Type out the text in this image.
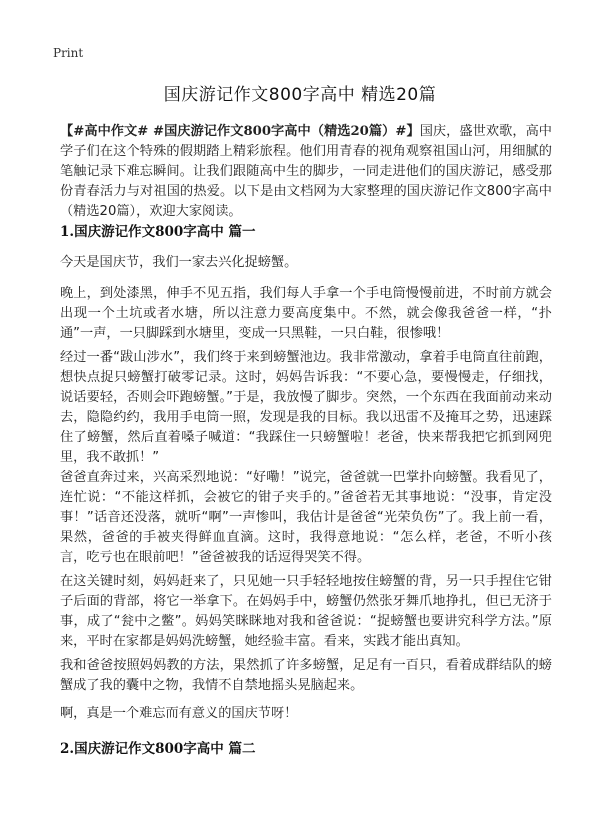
Print
国庆游记作文800字高中 精选20篇

【#高中作文# #国庆游记作文800字高中（精选20篇）#】国庆，盛世欢歌，高中学子们在这个特殊的假期踏上精彩旅程。他们用青春的视角观察祖国山河，用细腻的笔触记录下难忘瞬间。让我们跟随高中生的脚步，一同走进他们的国庆游记，感受那份青春活力与对祖国的热爱。以下是由文档网为大家整理的国庆游记作文800字高中（精选20篇），欢迎大家阅读。

1.国庆游记作文800字高中 篇一

今天是国庆节，我们一家去兴化捉螃蟹。

晚上，到处漆黑，伸手不见五指，我们每人手拿一个手电筒慢慢前进，不时前方就会出现一个土坑或者水塘，所以注意力要高度集中。不然，就会像我爸爸一样，“扑通”一声，一只脚踩到水塘里，变成一只黑鞋，一只白鞋，很惨哦！

经过一番“跋山涉水”，我们终于来到螃蟹池边。我非常激动，拿着手电筒直往前跑，想快点捉只螃蟹打破零记录。这时，妈妈告诉我：“不要心急，要慢慢走，仔细找，说话要轻，否则会吓跑螃蟹。”于是，我放慢了脚步。突然，一个东西在我面前动来动去，隐隐约约，我用手电筒一照，发现是我的目标。我以迅雷不及掩耳之势，迅速踩住了螃蟹，然后直着嗓子喊道：“我踩住一只螃蟹啦！老爸，快来帮我把它抓到网兜里，我不敢抓！”

爸爸直奔过来，兴高采烈地说：“好嘞！”说完，爸爸就一巴掌扑向螃蟹。我看见了，连忙说：“不能这样抓，会被它的钳子夹手的。”爸爸若无其事地说：“没事，肯定没事！”话音还没落，就听“啊”一声惨叫，我估计是爸爸“光荣负伤”了。我上前一看，果然，爸爸的手被夹得鲜血直滴。这时，我得意地说：“怎么样，老爸，不听小孩言，吃亏也在眼前吧！”爸爸被我的话逗得哭笑不得。

在这关键时刻，妈妈赶来了，只见她一只手轻轻地按住螃蟹的背，另一只手捏住它钳子后面的背部，将它一举拿下。在妈妈手中，螃蟹仍然张牙舞爪地挣扎，但已无济于事，成了“瓮中之鳖”。妈妈笑眯眯地对我和爸爸说：“捉螃蟹也要讲究科学方法。”原来，平时在家都是妈妈洗螃蟹，她经验丰富。看来，实践才能出真知。

我和爸爸按照妈妈教的方法，果然抓了许多螃蟹，足足有一百只，看着成群结队的螃蟹成了我的囊中之物，我情不自禁地摇头晃脑起来。

啊，真是一个难忘而有意义的国庆节呀！

2.国庆游记作文800字高中 篇二
